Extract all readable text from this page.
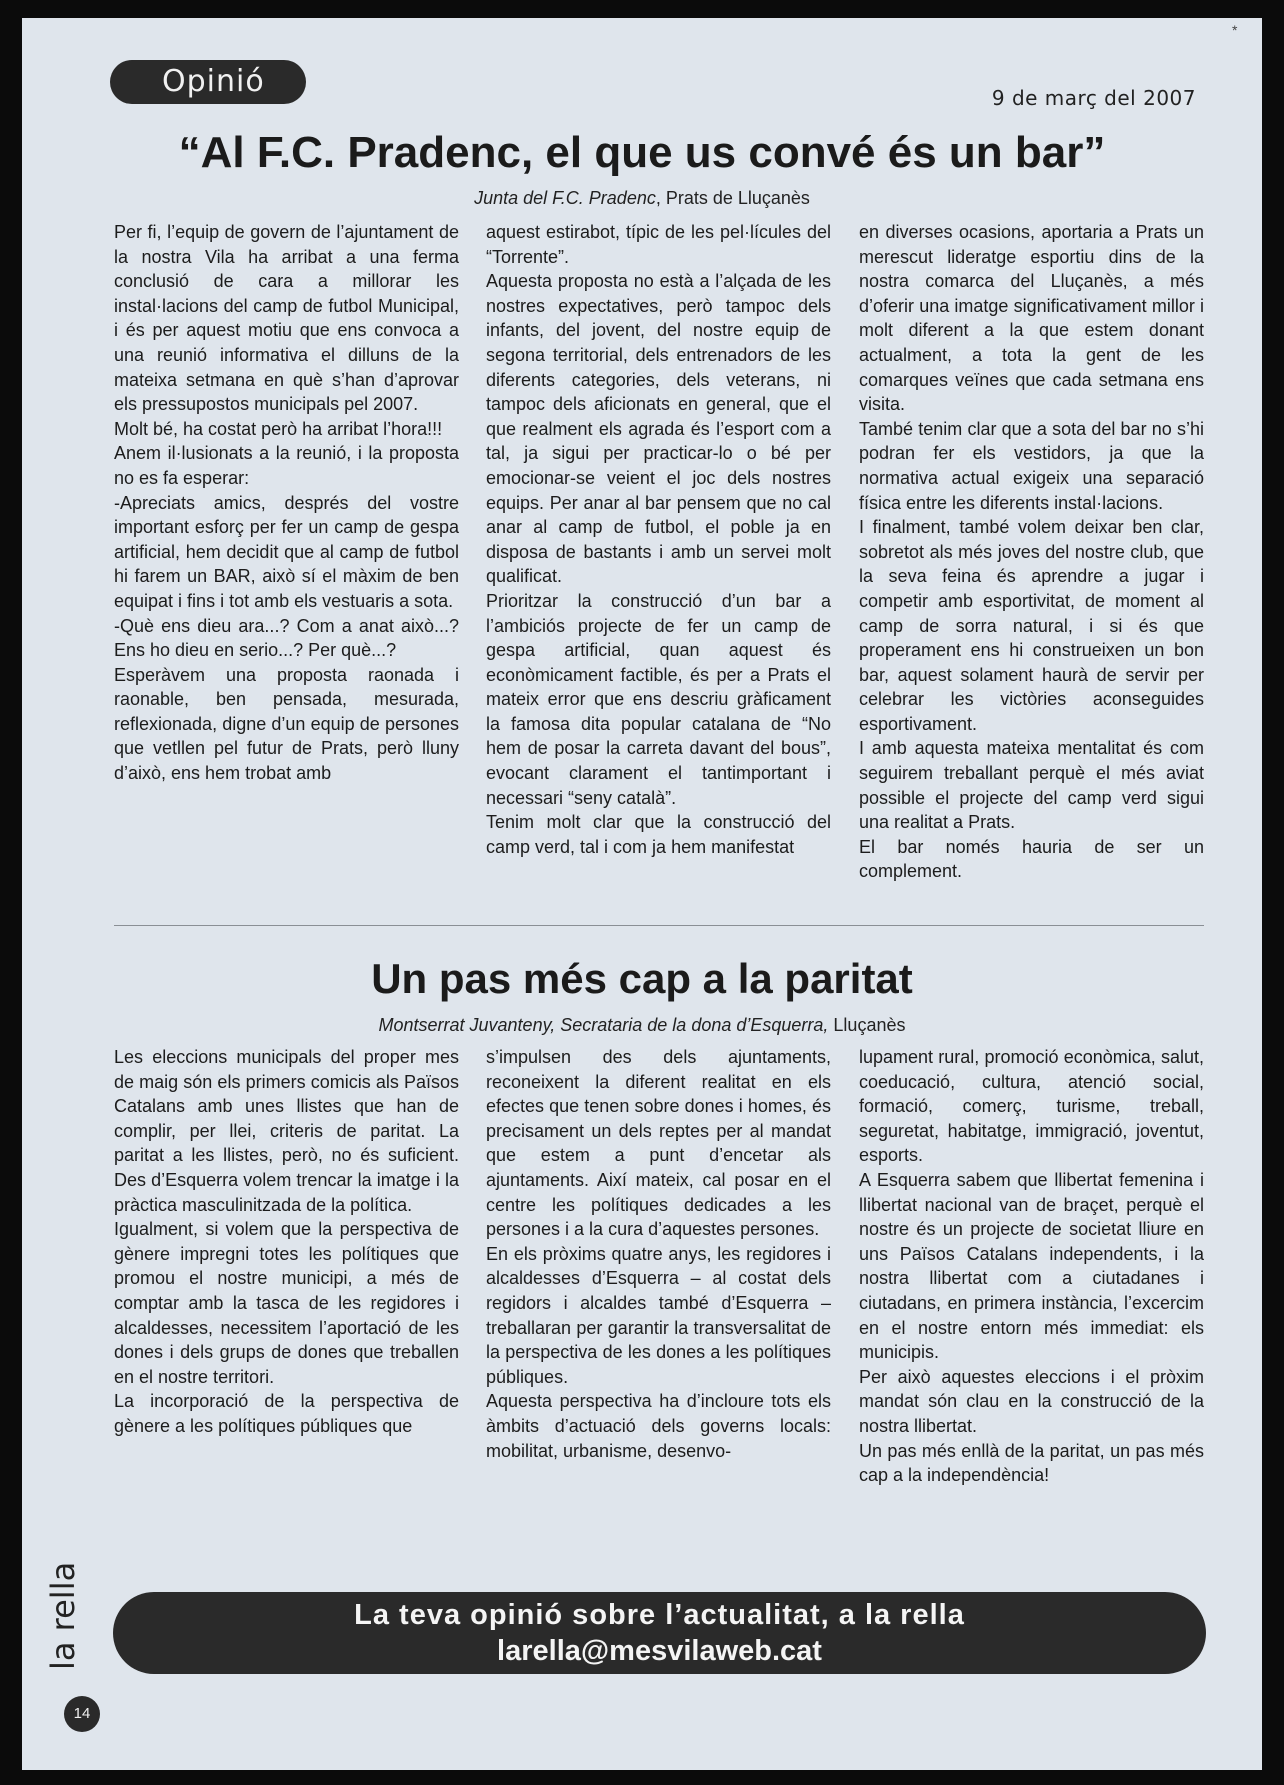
*
Opinió	9 de març del 2007
“Al F.C. Pradenc, el que us convé és un bar”
Junta del F.C. Pradenc, Prats de Lluçanès

Per fi, l’equip de govern de l’ajuntament de la nostra Vila ha arribat a una ferma conclusió de cara a millorar les instal·lacions del camp de futbol Municipal, i és per aquest motiu que ens convoca a una reunió informativa el dilluns de la mateixa setmana en què s’han d’aprovar els pressupostos municipals pel 2007.

Molt bé, ha costat però ha arribat l’hora!!!

Anem il·lusionats a la reunió, i la proposta no es fa esperar:

-Apreciats amics, després del vostre important esforç per fer un camp de gespa artificial, hem decidit que al camp de futbol hi farem un BAR, això sí el màxim de ben equipat i fins i tot amb els vestuaris a sota.

-Què ens dieu ara...? Com a anat això...? Ens ho dieu en serio...? Per què...?

Esperàvem una proposta raonada i raonable, ben pensada, mesurada, reflexionada, digne d’un equip de persones que vetllen pel futur de Prats, però lluny d’això, ens hem trobat amb

aquest estirabot, típic de les pel·lícules del “Torrente”.

Aquesta proposta no està a l’alçada de les nostres expectatives, però tampoc dels infants, del jovent, del nostre equip de segona territorial, dels entrenadors de les diferents categories, dels veterans, ni tampoc dels aficionats en general, que el que realment els agrada és l’esport com a tal, ja sigui per practicar-lo o bé per emocionar-se veient el joc dels nostres equips. Per anar al bar pensem que no cal anar al camp de futbol, el poble ja en disposa de bastants i amb un servei molt qualificat.

Prioritzar la construcció d’un bar a l’ambiciós projecte de fer un camp de gespa artificial, quan aquest és econòmicament factible, és per a Prats el mateix error que ens descriu gràficament la famosa dita popular catalana de “No hem de posar la carreta davant del bous”, evocant clarament el tantimportant i necessari “seny català”.

Tenim molt clar que la construcció del camp verd, tal i com ja hem manifestat

en diverses ocasions, aportaria a Prats un merescut lideratge esportiu dins de la nostra comarca del Lluçanès, a més d’oferir una imatge significativament millor i molt diferent a la que estem donant actualment, a tota la gent de les comarques veïnes que cada setmana ens visita.

També tenim clar que a sota del bar no s’hi podran fer els vestidors, ja que la normativa actual exigeix una separació física entre les diferents instal·lacions.

I finalment, també volem deixar ben clar, sobretot als més joves del nostre club, que la seva feina és aprendre a jugar i competir amb esportivitat, de moment al camp de sorra natural, i si és que properament ens hi construeixen un bon bar, aquest solament haurà de servir per celebrar les victòries aconseguides esportivament.

I amb aquesta mateixa mentalitat és com seguirem treballant perquè el més aviat possible el projecte del camp verd sigui una realitat a Prats.

El bar només hauria de ser un complement.

Un pas més cap a la paritat
Montserrat Juvanteny, Secrataria de la dona d’Esquerra, Lluçanès

Les eleccions municipals del proper mes de maig són els primers comicis als Països Catalans amb unes llistes que han de complir, per llei, criteris de paritat. La paritat a les llistes, però, no és suficient. Des d’Esquerra volem trencar la imatge i la pràctica masculinitzada de la política.

Igualment, si volem que la perspectiva de gènere impregni totes les polítiques que promou el nostre municipi, a més de comptar amb la tasca de les regidores i alcaldesses, necessitem l’aportació de les dones i dels grups de dones que treballen en el nostre territori.

La incorporació de la perspectiva de gènere a les polítiques públiques que

s’impulsen des dels ajuntaments, reconeixent la diferent realitat en els efectes que tenen sobre dones i homes, és precisament un dels reptes per al mandat que estem a punt d’encetar als ajuntaments. Així mateix, cal posar en el centre les polítiques dedicades a les persones i a la cura d’aquestes persones.

En els pròxims quatre anys, les regidores i alcaldesses d’Esquerra – al costat dels regidors i alcaldes també d’Esquerra – treballaran per garantir la transversalitat de la perspectiva de les dones a les polítiques públiques.

Aquesta perspectiva ha d’incloure tots els àmbits d’actuació dels governs locals: mobilitat, urbanisme, desenvo-

lupament rural, promoció econòmica, salut, coeducació, cultura, atenció social, formació, comerç, turisme, treball, seguretat, habitatge, immigració, joventut, esports.

A Esquerra sabem que llibertat femenina i llibertat nacional van de braçet, perquè el nostre és un projecte de societat lliure en uns Països Catalans independents, i la nostra llibertat com a ciutadanes i ciutadans, en primera instància, l’excercim en el nostre entorn més immediat: els municipis.

Per això aquestes eleccions i el pròxim mandat són clau en la construcció de la nostra llibertat.

Un pas més enllà de la paritat, un pas més cap a la independència!

La teva opinió sobre l’actualitat, a la rella
larella@mesvilaweb.cat
la rella
14
